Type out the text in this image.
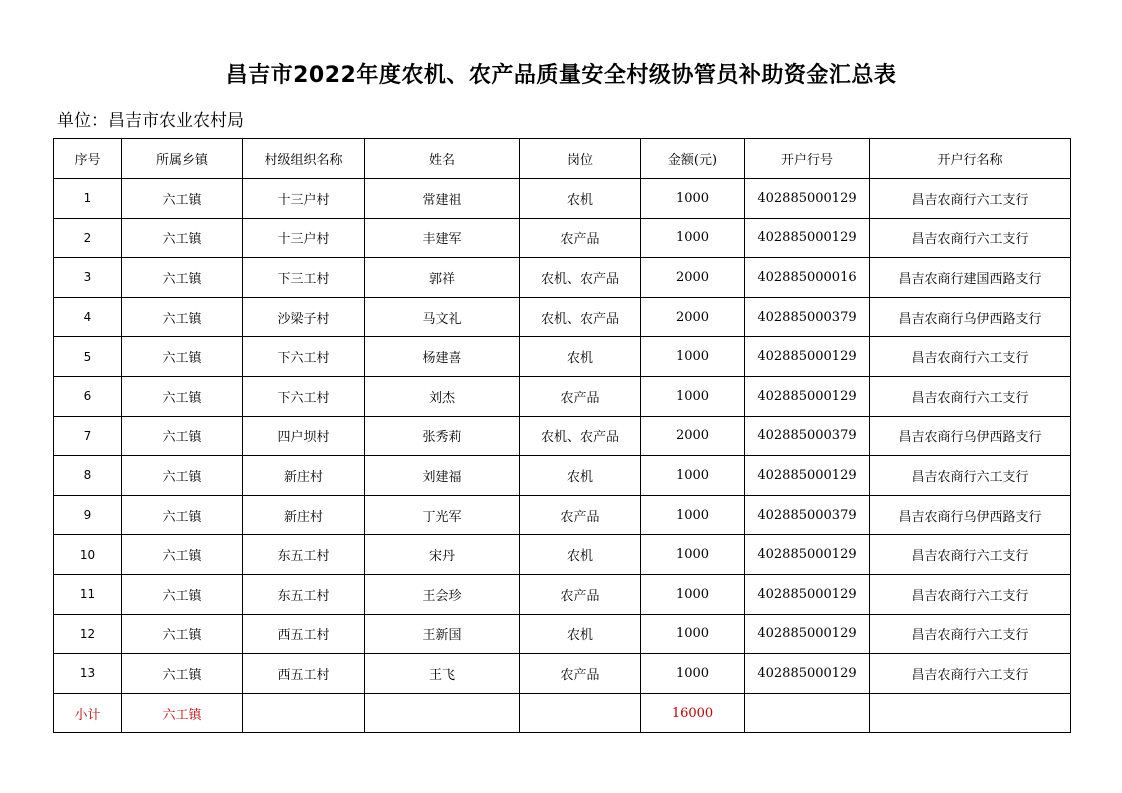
昌吉市2022年度农机、农产品质量安全村级协管员补助资金汇总表
单位：昌吉市农业农村局
序号	所属乡镇	村级组织名称	姓名	岗位	金额(元)	开户行号	开户行名称
1	六工镇	十三户村	常建祖	农机	1000	402885000129	昌吉农商行六工支行
2	六工镇	十三户村	丰建军	农产品	1000	402885000129	昌吉农商行六工支行
3	六工镇	下三工村	郭祥	农机、农产品	2000	402885000016	昌吉农商行建国西路支行
4	六工镇	沙梁子村	马文礼	农机、农产品	2000	402885000379	昌吉农商行乌伊西路支行
5	六工镇	下六工村	杨建喜	农机	1000	402885000129	昌吉农商行六工支行
6	六工镇	下六工村	刘杰	农产品	1000	402885000129	昌吉农商行六工支行
7	六工镇	四户坝村	张秀莉	农机、农产品	2000	402885000379	昌吉农商行乌伊西路支行
8	六工镇	新庄村	刘建福	农机	1000	402885000129	昌吉农商行六工支行
9	六工镇	新庄村	丁光军	农产品	1000	402885000379	昌吉农商行乌伊西路支行
10	六工镇	东五工村	宋丹	农机	1000	402885000129	昌吉农商行六工支行
11	六工镇	东五工村	王会珍	农产品	1000	402885000129	昌吉农商行六工支行
12	六工镇	西五工村	王新国	农机	1000	402885000129	昌吉农商行六工支行
13	六工镇	西五工村	王飞	农产品	1000	402885000129	昌吉农商行六工支行
小计	六工镇				16000		
